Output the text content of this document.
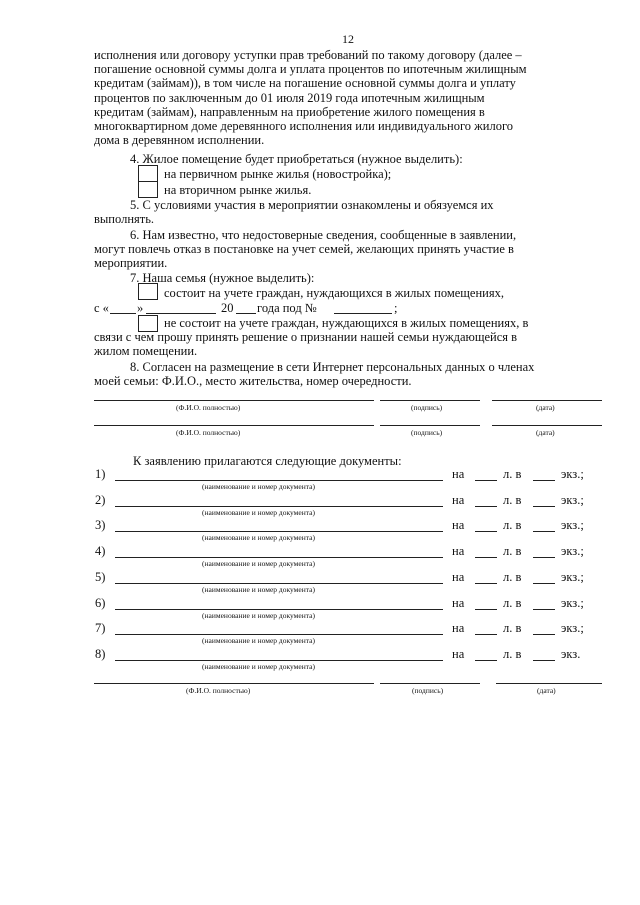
12
исполнения или договору уступки прав требований по такому договору (далее –
погашение основной суммы долга и уплата процентов по ипотечным жилищным
кредитам (займам)), в том числе на погашение основной суммы долга и уплату
процентов по заключенным до 01 июля 2019 года ипотечным жилищным
кредитам (займам), направленным на приобретение жилого помещения в
многоквартирном доме деревянного исполнения или индивидуального жилого
дома в деревянном исполнении.
4. Жилое помещение будет приобретаться (нужное выделить):
на первичном рынке жилья (новостройка);
на вторичном рынке жилья.
5. С условиями участия в мероприятии ознакомлены и обязуемся их
выполнять.
6. Нам известно, что недостоверные сведения, сообщенные в заявлении,
могут повлечь отказ в постановке на учет семей, желающих принять участие в
мероприятии.
7. Наша семья (нужное выделить):
состоит на учете граждан, нуждающихся в жилых помещениях,
с « »	20 года под №	;
не состоит на учете граждан, нуждающихся в жилых помещениях, в
связи с чем прошу принять решение о признании нашей семьи нуждающейся в
жилом помещении.
8. Согласен на размещение в сети Интернет персональных данных о членах
моей семьи: Ф.И.О., место жительства, номер очередности.
(Ф.И.О. полностью)	(подпись)	(дата)
(Ф.И.О. полностью)	(подпись)	(дата)
К заявлению прилагаются следующие документы:
1)
(наименование и номер документа)
на	л. в	экз.;
2)
(наименование и номер документа)
на	л. в	экз.;
3)
(наименование и номер документа)
на	л. в	экз.;
4)
(наименование и номер документа)
на	л. в	экз.;
5)
(наименование и номер документа)
на	л. в	экз.;
6)
(наименование и номер документа)
на	л. в	экз.;
7)
(наименование и номер документа)
на	л. в	экз.;
8)
(наименование и номер документа)
на	л. в	экз.
(Ф.И.О. полностью)	(подпись)	(дата)
